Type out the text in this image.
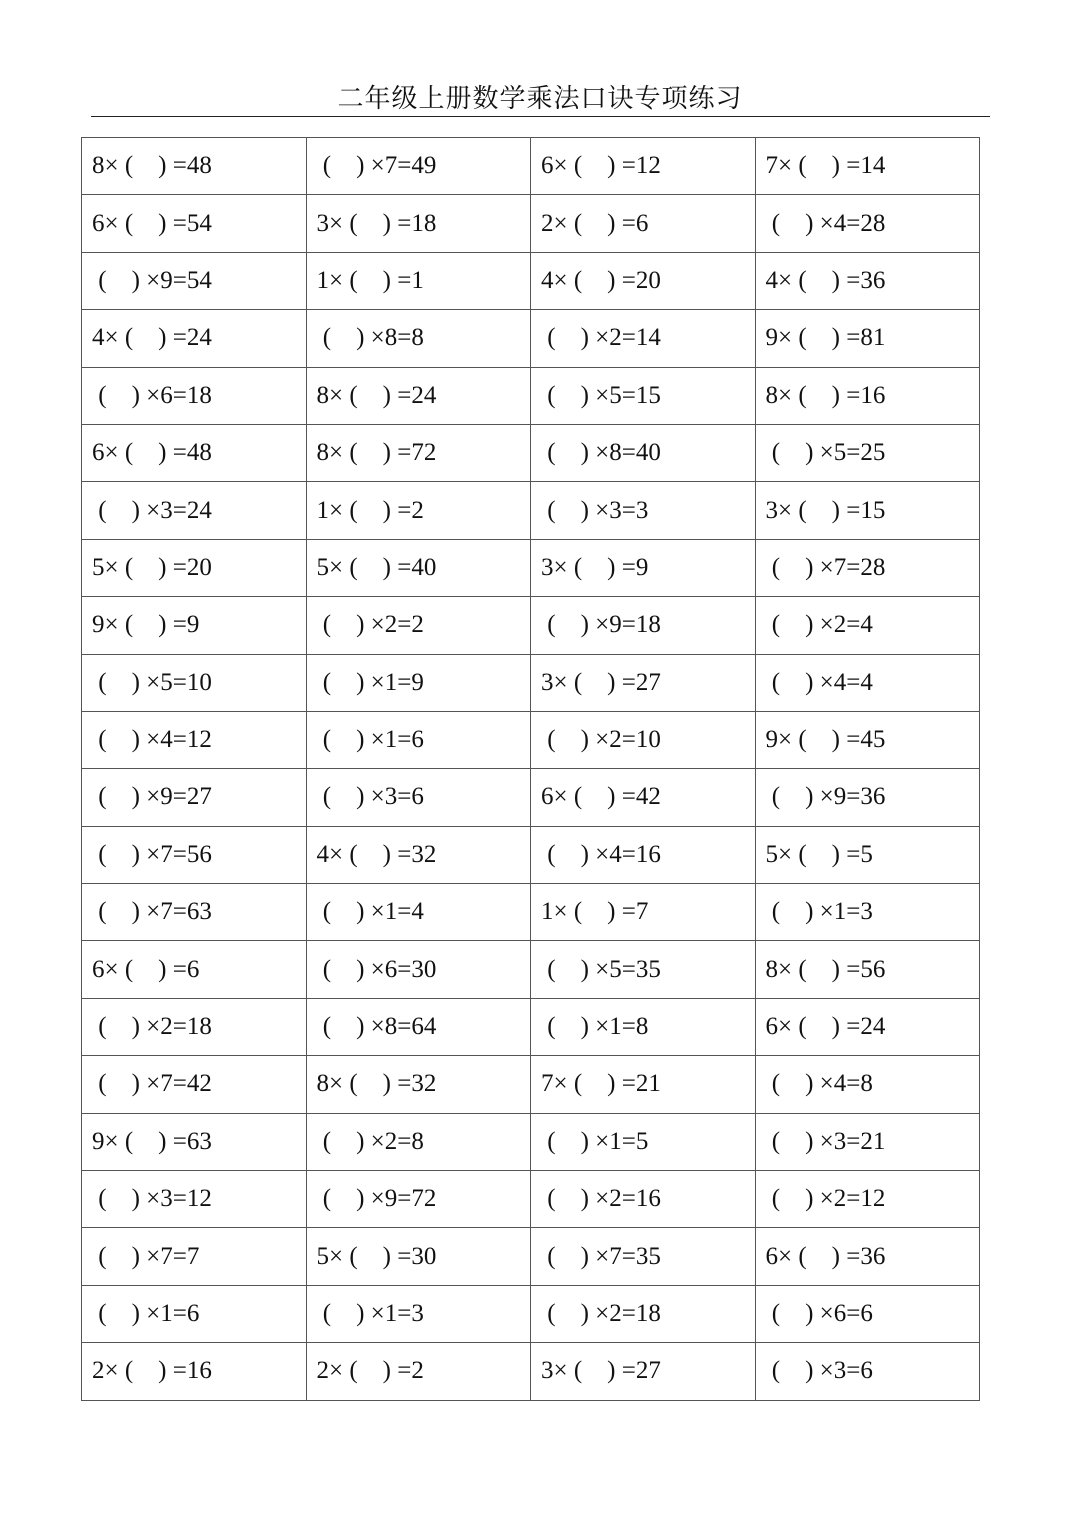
二年级上册数学乘法口诀专项练习
8× (    ) =48	(    ) ×7=49	6× (    ) =12	7× (    ) =14
6× (    ) =54	3× (    ) =18	2× (    ) =6	(    ) ×4=28
(    ) ×9=54	1× (    ) =1	4× (    ) =20	4× (    ) =36
4× (    ) =24	(    ) ×8=8	(    ) ×2=14	9× (    ) =81
(    ) ×6=18	8× (    ) =24	(    ) ×5=15	8× (    ) =16
6× (    ) =48	8× (    ) =72	(    ) ×8=40	(    ) ×5=25
(    ) ×3=24	1× (    ) =2	(    ) ×3=3	3× (    ) =15
5× (    ) =20	5× (    ) =40	3× (    ) =9	(    ) ×7=28
9× (    ) =9	(    ) ×2=2	(    ) ×9=18	(    ) ×2=4
(    ) ×5=10	(    ) ×1=9	3× (    ) =27	(    ) ×4=4
(    ) ×4=12	(    ) ×1=6	(    ) ×2=10	9× (    ) =45
(    ) ×9=27	(    ) ×3=6	6× (    ) =42	(    ) ×9=36
(    ) ×7=56	4× (    ) =32	(    ) ×4=16	5× (    ) =5
(    ) ×7=63	(    ) ×1=4	1× (    ) =7	(    ) ×1=3
6× (    ) =6	(    ) ×6=30	(    ) ×5=35	8× (    ) =56
(    ) ×2=18	(    ) ×8=64	(    ) ×1=8	6× (    ) =24
(    ) ×7=42	8× (    ) =32	7× (    ) =21	(    ) ×4=8
9× (    ) =63	(    ) ×2=8	(    ) ×1=5	(    ) ×3=21
(    ) ×3=12	(    ) ×9=72	(    ) ×2=16	(    ) ×2=12
(    ) ×7=7	5× (    ) =30	(    ) ×7=35	6× (    ) =36
(    ) ×1=6	(    ) ×1=3	(    ) ×2=18	(    ) ×6=6
2× (    ) =16	2× (    ) =2	3× (    ) =27	(    ) ×3=6
